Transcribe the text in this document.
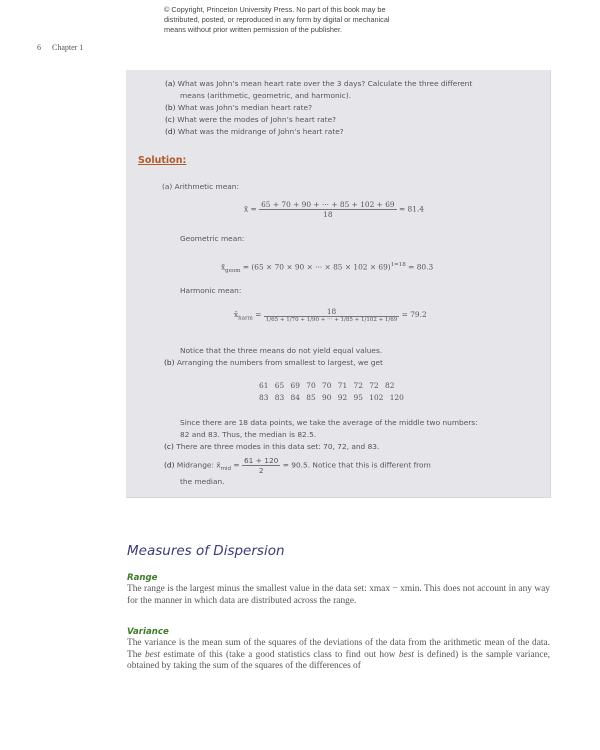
© Copyright, Princeton University Press. No part of this book may be
distributed, posted, or reproduced in any form by digital or mechanical
means without prior written permission of the publisher.
6 Chapter 1
(a) What was John’s mean heart rate over the 3 days? Calculate the three different
means (arithmetic, geometric, and harmonic).
(b) What was John’s median heart rate?
(c) What were the modes of John’s heart rate?
(d) What was the midrange of John’s heart rate?
Solution:
(a) Arithmetic mean:
x̄ = $\frac{65 + 70 + 90 + \cdot\cdot\cdot + 85 + 102 + 69}{18} = 81.4$
Geometric mean:
$x̄_{geom} = (65 \times 70 \times 90$ × ··· × 85 × 102 × 69)$^{1=18}$ = 80.3
Harmonic mean:
$x̄_{harm} = \frac{18}{1/65 + 1/70 + 1/90 + \cdot\cdot\cdot + 1/85 + 1/102 + 1/69} = 79.2$
Notice that the three means do not yield equal values.
(b) Arranging the numbers from smallest to largest, we get
61 65 69 70 70 71 72 72 82
83 83 84 85 90 92 95 102 120
Since there are 18 data points, we take the average of the middle two numbers:
82 and 83. Thus, the median is 82.5.
(c) There are three modes in this data set: 70, 72, and 83.
(d) Midrange: $x̄_{mid} = \frac{61 + 120}{2} = 90.5$. Notice that this is different from
the median.
Measures of Dispersion
Range
The range is the largest minus the smallest value in the data set: xmax − xmin. This does not account in any way for the manner in which data are distributed across the range.
Variance
The variance is the mean sum of the squares of the deviations of the data from the arithmetic mean of the data. The best estimate of this (take a good statistics class to find out how best is defined) is the sample variance, obtained by taking the sum of the squares of the differences of
